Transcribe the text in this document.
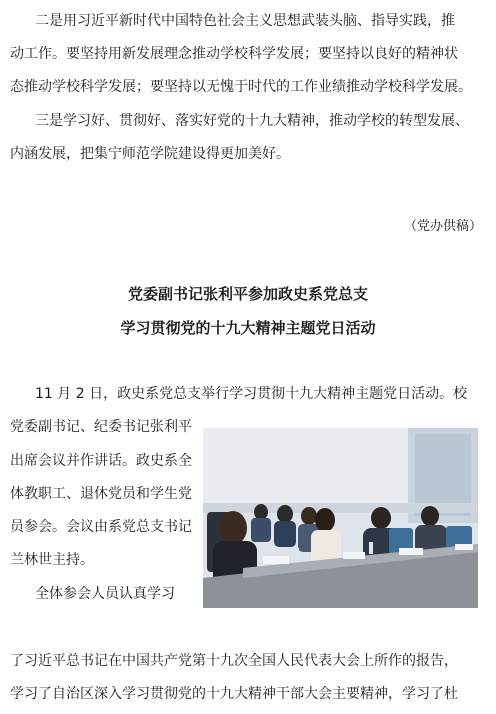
二是用习近平新时代中国特色社会主义思想武装头脑、指导实践，推
动工作。要坚持用新发展理念推动学校科学发展；要坚持以良好的精神状
态推动学校科学发展；要坚持以无愧于时代的工作业绩推动学校科学发展。
三是学习好、贯彻好、落实好党的十九大精神，推动学校的转型发展、
内涵发展，把集宁师范学院建设得更加美好。
（党办供稿）
党委副书记张利平参加政史系党总支
学习贯彻党的十九大精神主题党日活动
11 月 2 日，政史系党总支举行学习贯彻十九大精神主题党日活动。校
党委副书记、纪委书记张利平
出席会议并作讲话。政史系全
体教职工、退休党员和学生党
员参会。会议由系党总支书记
兰林世主持。
全体参会人员认真学习
了习近平总书记在中国共产党第十九次全国人民代表大会上所作的报告，
学习了自治区深入学习贯彻党的十九大精神干部大会主要精神，学习了杜
